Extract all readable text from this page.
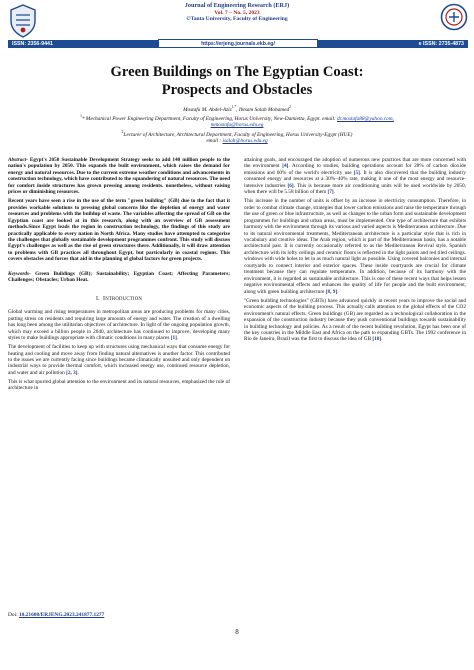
Journal of Engineering Research (ERJ)
Vol. 7 – No. 5, 2023
©Tanta University, Faculty of Engineering
ISSN: 2356-9441	https://erjeng.journals.ekb.eg/	e ISSN: 2735-4873
Green Buildings on The Egyptian Coast:
Prospects and Obstacles
Mostafa M. Abdel-Aziz$^{1,*}$, Ibtsam Salah Mohamed$^2$
$^1$* Mechanical Power Engineering Department, Faculty of Engineering, Horus University, New-Damietta, Egypt. email: dr.mostafa88@yahoo.com,
mmostafa@horus.edu.eg
$^2$Lecturer of Architecture, Architectural Department, Faculty of Engineering, Horus University-Egypt (HUE)
email : isalah@horus.edu.eg

Abstract- Egypt's 2050 Sustainable Development Strategy seeks to add 140 million people to the nation's population by 2050. This expands the built environment, which raises the demand for energy and natural resources. Due to the current extreme weather conditions and advancements in construction technology, which have contributed to the squandering of natural resources. The need for comfort inside structures has grown pressing among residents. nonetheless, without raising prices or diminishing resources.

Recent years have seen a rise in the use of the term "green building" (GB) due to the fact that it provides workable solutions to pressing global concerns like the depletion of energy and water resources and problems with the buildup of waste. The variables affecting the spread of GB on the Egyptian coast are looked at in this research, along with an overview of GB assessment methods.Since Egypt leads the region in construction technology, the findings of this study are practically applicable to every nation in North Africa. Many studies have attempted to categorize the challenges that globally sustainable development programmes confront. This study will discuss Egypt's challenges as well as the rise of green structures there. Additionally, it will draw attention to problems with GB practices all throughout Egypt, but particularly in coastal regions. This covers obstacles and forces that aid in the planning of global factors for green projects.

Keywords- Green Buildings (GB); Sustainability; Egyptian Coast; Affecting Parameters; Challenges; Obstacles; Urban Heat.

I. INTRODUCTION

Global warming and rising temperatures in metropolitan areas are producing problems for many cities, putting stress on residents and requiring large amounts of energy and water. The creation of a dwelling has long been among the utilitarian objectives of architecture. In light of the ongoing population growth, which may exceed a billion people in 2040, architecture has continued to improve, developing many styles to make buildings appropriate with climatic conditions in many places [1].

The development of facilities to keep up with structures using mechanical ways that consume energy for heating and cooling and move away from finding natural alternatives is another factor. This contributed to the issues we are currently facing since buildings became climatically unsuited and only dependent on industrial ways to provide thermal comfort, which increased energy use, continued resource depletion, and water and air pollution [2, 3].

This is what spurred global attention to the environment and its natural resources, emphasized the role of architecture in

attaining goals, and encouraged the adoption of numerous new practices that are more concerned with the environment [4]. According to studies, building operations account for 28% of carbon dioxide emissions and 60% of the world's electricity use [5]. It is also discovered that the building industry consumed energy and resources at a 30%–40% rate, making it one of the most energy and resource-intensive industries [6]. This is because more air conditioning units will be used worldwide by 2050, when there will be 5.58 billion of them [7].

This increase in the number of units is offset by an increase in electricity consumption. Therefore, in order to combat climate change, strategies that lower carbon emissions and raise the temperature through the use of green or blue infrastructure, as well as changes to the urban form and sustainable development programmes for buildings and urban areas, must be implemented. One type of architecture that exhibits harmony with the environment through its various and varied aspects is Mediterranean architecture. Due to its natural environmental treatments, Mediterranean architecture is a particular style that is rich in vocabulary and creative ideas. The Arab region, which is part of the Mediterranean basin, has a notable architectural past. It is currently occasionally referred to as the Mediterranean Revival style. Spanish architecture with its lofty ceilings and ceramic floors is reflected in the light paints and red tiled ceilings. windows with wide holes to let in as much natural light as possible. Using covered balconies and internal courtyards to connect interior and exterior spaces. These inside courtyards are crucial for climate treatment because they can regulate temperature. In addition, because of its harmony with the environment, it is regarded as sustainable architecture. This is one of these recent ways that helps lessen negative environmental effects and enhances the quality of life for people and the built environment, along with green building architecture [8, 9].

"Green building technologies" (GBTs) have advanced quickly in recent years to improve the social and economic aspects of the building process. This actually calls attention to the global effects of the CO2 environment's natural effects. Green buildings (GB) are regarded as a technological collaboration in the expansion of the construction industry because they push conventional buildings towards sustainability in building technology and policies. As a result of the recent building revolution, Egypt has been one of the key countries in the Middle East and Africa on the path to expanding GBTs. The 1992 conference in Rio de Janeiro, Brazil was the first to discuss the idea of GB [10].

Doi: 10.21608/ERJENG.2023.241877.1277
8
